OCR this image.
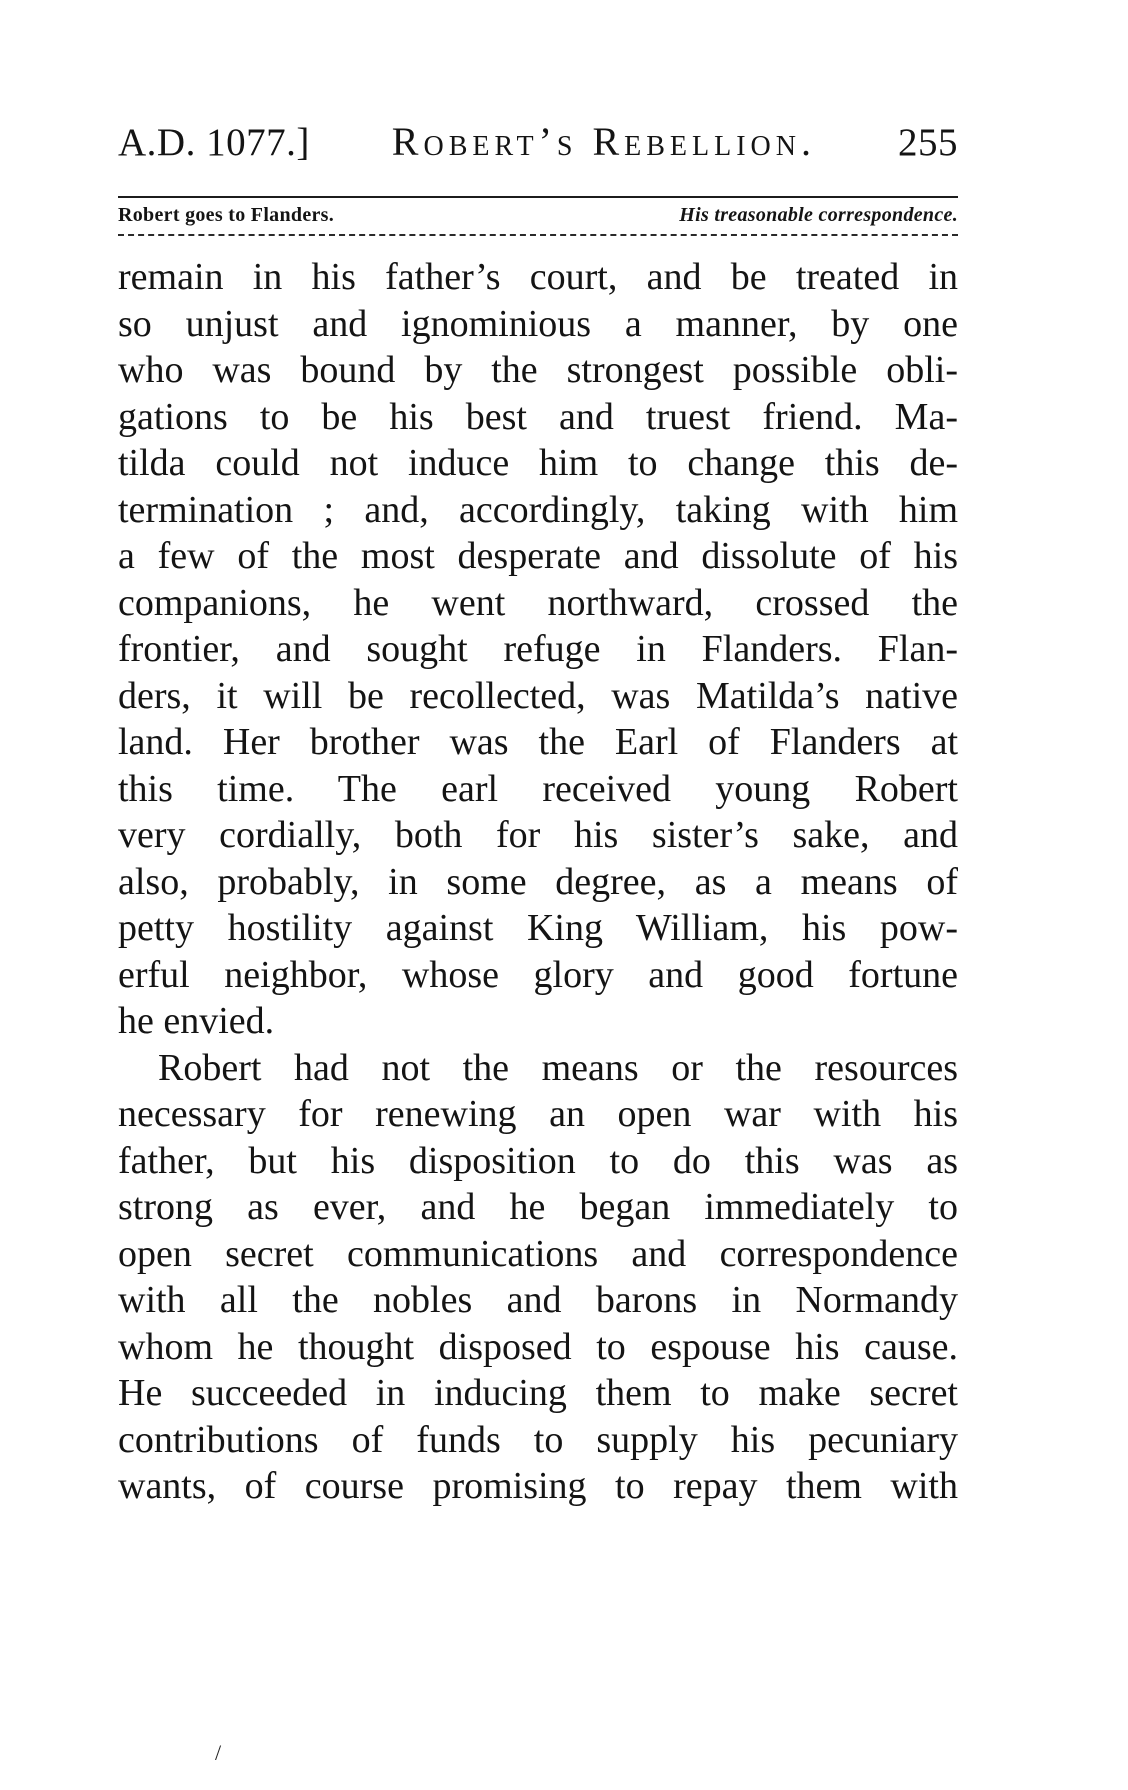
A.D. 1077.] Robert’s Rebellion. 255
Robert goes to Flanders.	His treasonable correspondence.
remain in his father’s court, and be treated in
so unjust and ignominious a manner, by one
who was bound by the strongest possible obli-
gations to be his best and truest friend. Ma-
tilda could not induce him to change this de-
termination ; and, accordingly, taking with him
a few of the most desperate and dissolute of his
companions, he went northward, crossed the
frontier, and sought refuge in Flanders. Flan-
ders, it will be recollected, was Matilda’s native
land. Her brother was the Earl of Flanders at
this time. The earl received young Robert
very cordially, both for his sister’s sake, and
also, probably, in some degree, as a means of
petty hostility against King William, his pow-
erful neighbor, whose glory and good fortune
he envied.
Robert had not the means or the resources
necessary for renewing an open war with his
father, but his disposition to do this was as
strong as ever, and he began immediately to
open secret communications and correspondence
with all the nobles and barons in Normandy
whom he thought disposed to espouse his cause.
He succeeded in inducing them to make secret
contributions of funds to supply his pecuniary
wants, of course promising to repay them with
/
